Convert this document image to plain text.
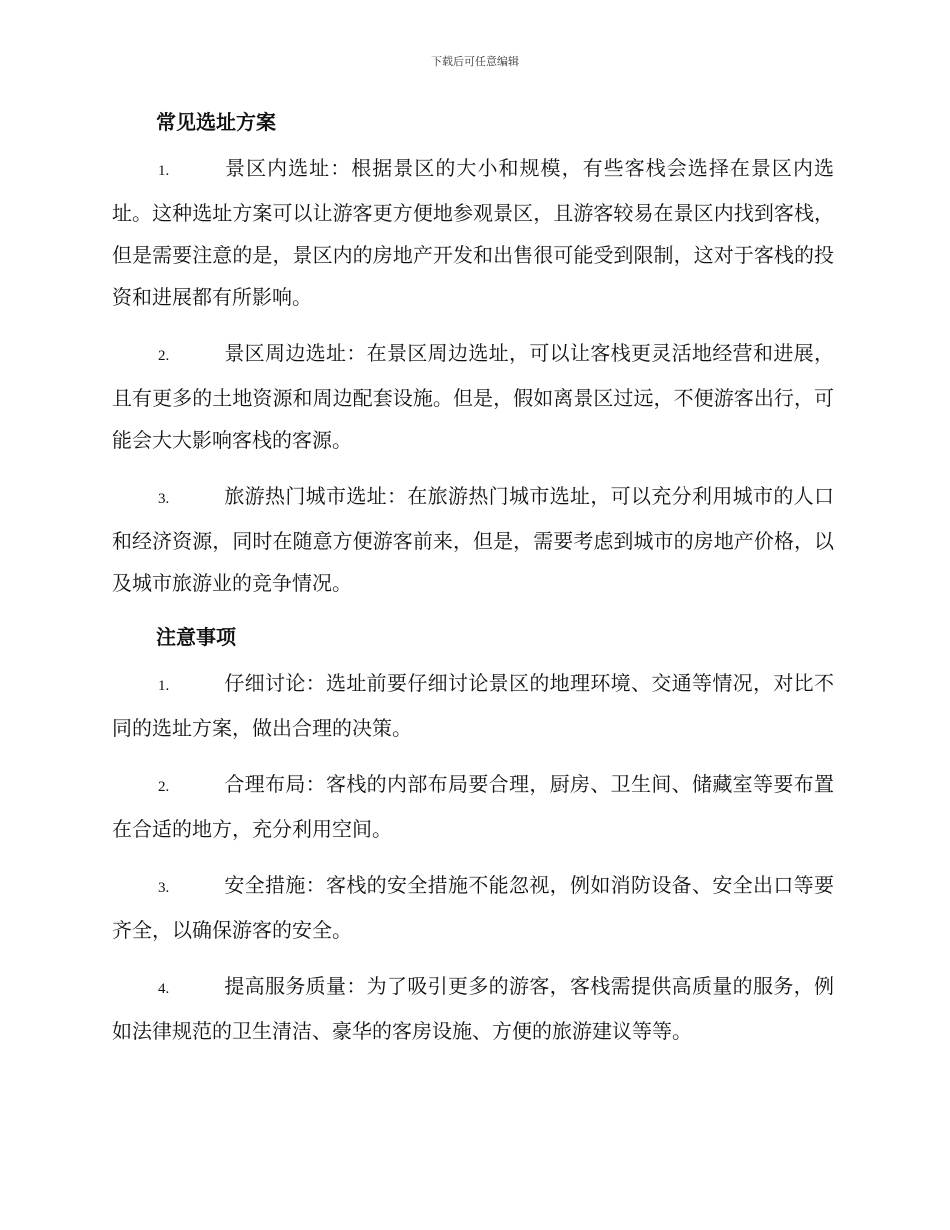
下载后可任意编辑
常见选址方案

1.	景区内选址：根据景区的大小和规模，有些客栈会选择在景区内选址。这种选址方案可以让游客更方便地参观景区，且游客较易在景区内找到客栈，但是需要注意的是，景区内的房地产开发和出售很可能受到限制，这对于客栈的投资和进展都有所影响。

2.	景区周边选址：在景区周边选址，可以让客栈更灵活地经营和进展，且有更多的土地资源和周边配套设施。但是，假如离景区过远，不便游客出行，可能会大大影响客栈的客源。

3.	旅游热门城市选址：在旅游热门城市选址，可以充分利用城市的人口和经济资源，同时在随意方便游客前来，但是，需要考虑到城市的房地产价格，以及城市旅游业的竞争情况。

注意事项

1.	仔细讨论：选址前要仔细讨论景区的地理环境、交通等情况，对比不同的选址方案，做出合理的决策。

2.	合理布局：客栈的内部布局要合理，厨房、卫生间、储藏室等要布置在合适的地方，充分利用空间。

3.	安全措施：客栈的安全措施不能忽视，例如消防设备、安全出口等要齐全，以确保游客的安全。

4.	提高服务质量：为了吸引更多的游客，客栈需提供高质量的服务，例如法律规范的卫生清洁、豪华的客房设施、方便的旅游建议等等。
